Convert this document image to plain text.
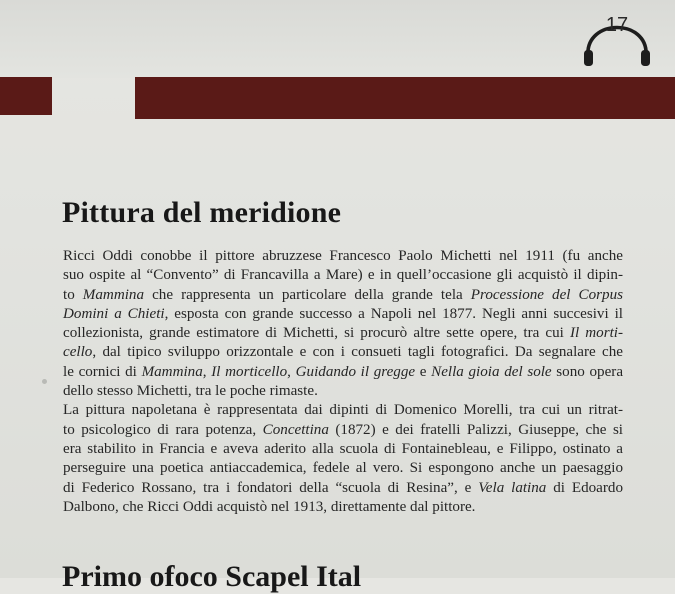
17
Pittura del meridione
Ricci Oddi conobbe il pittore abruzzese Francesco Paolo Michetti nel 1911 (fu anche
suo ospite al “Convento” di Francavilla a Mare) e in quell’occasione gli acquistò il dipin-
to Mammina che rappresenta un particolare della grande tela Processione del Corpus
Domini a Chieti, esposta con grande successo a Napoli nel 1877. Negli anni succesivi il
collezionista, grande estimatore di Michetti, si procurò altre sette opere, tra cui Il morti-
cello, dal tipico sviluppo orizzontale e con i consueti tagli fotografici. Da segnalare che
le cornici di Mammina, Il morticello, Guidando il gregge e Nella gioia del sole sono opera
dello stesso Michetti, tra le poche rimaste.
La pittura napoletana è rappresentata dai dipinti di Domenico Morelli, tra cui un ritrat-
to psicologico di rara potenza, Concettina (1872) e dei fratelli Palizzi, Giuseppe, che si
era stabilito in Francia e aveva aderito alla scuola di Fontainebleau, e Filippo, ostinato a
perseguire una poetica antiaccademica, fedele al vero. Si espongono anche un paesaggio
di Federico Rossano, tra i fondatori della “scuola di Resina”, e Vela latina di Edoardo
Dalbono, che Ricci Oddi acquistò nel 1913, direttamente dal pittore.
Primo ofoco Scapel Ital
